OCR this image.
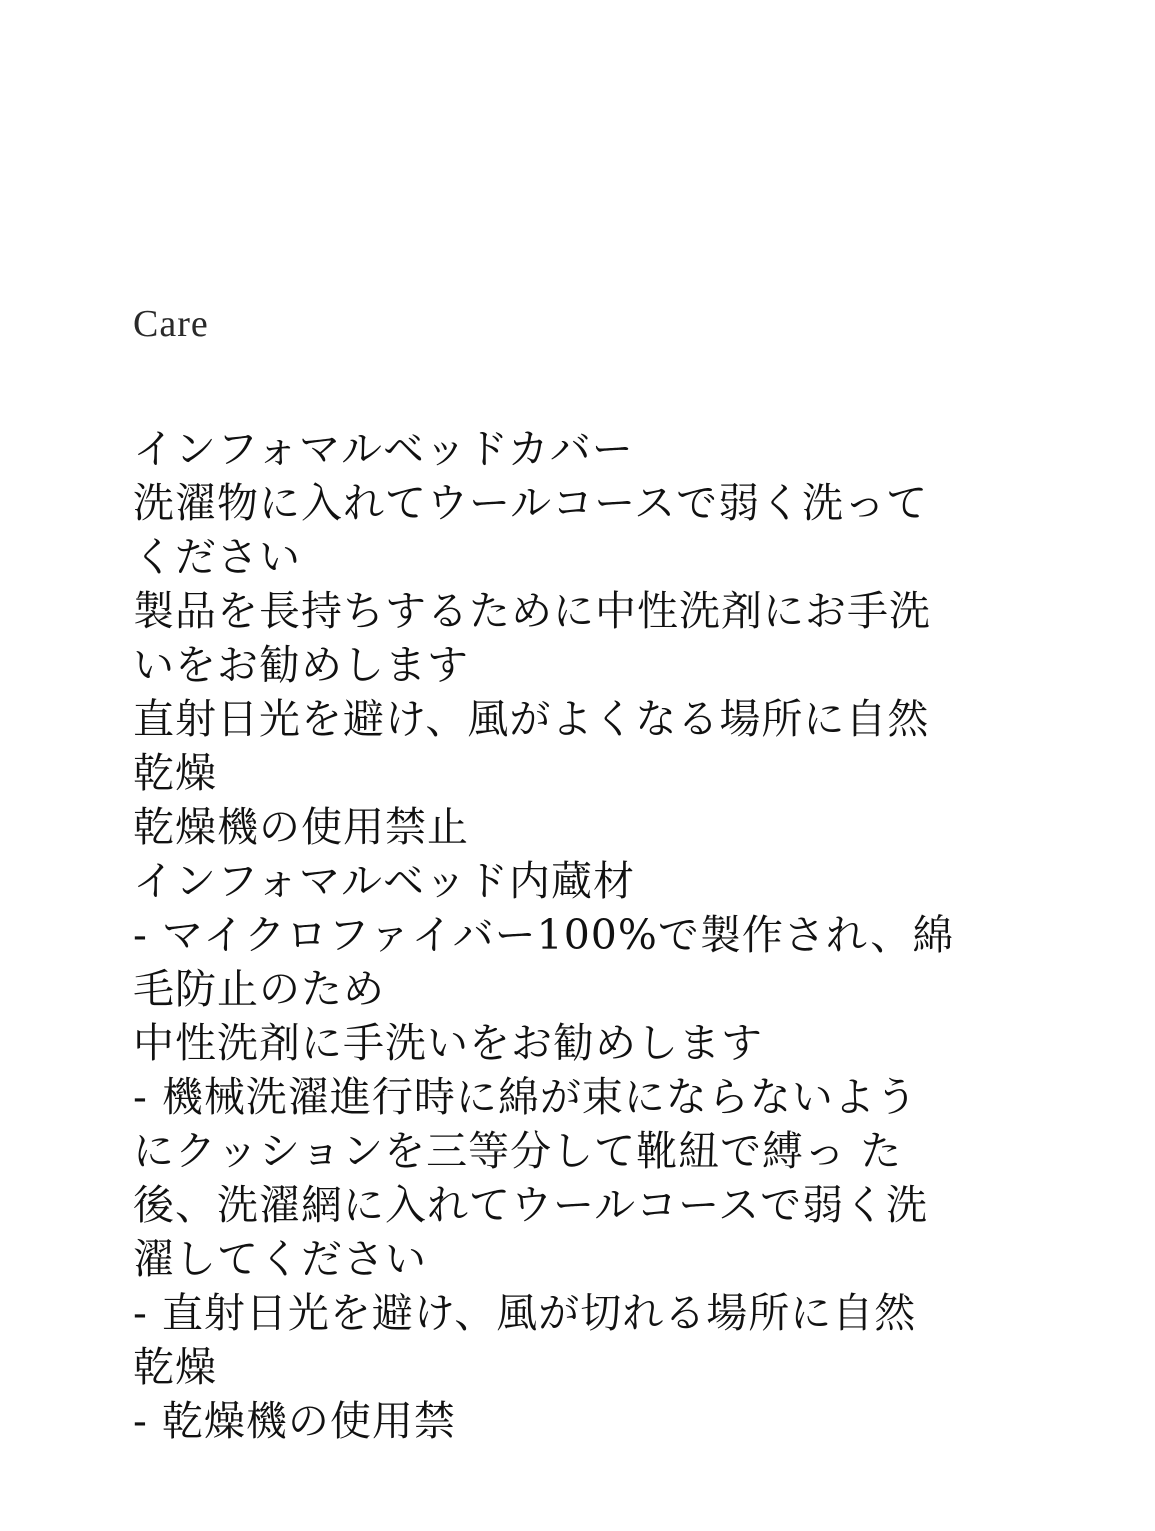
Care
インフォマルベッドカバー
洗濯物に入れてウールコースで弱く洗って
ください
製品を長持ちするために中性洗剤にお手洗
いをお勧めします
直射日光を避け、風がよくなる場所に自然
乾燥
乾燥機の使用禁止
インフォマルベッド内蔵材
- マイクロファイバー100%で製作され、綿
毛防止のため
中性洗剤に手洗いをお勧めします
- 機械洗濯進行時に綿が束にならないよう
にクッションを三等分して靴紐で縛っ た
後、洗濯網に入れてウールコースで弱く洗
濯してください
- 直射日光を避け、風が切れる場所に自然
乾燥
- 乾燥機の使用禁
